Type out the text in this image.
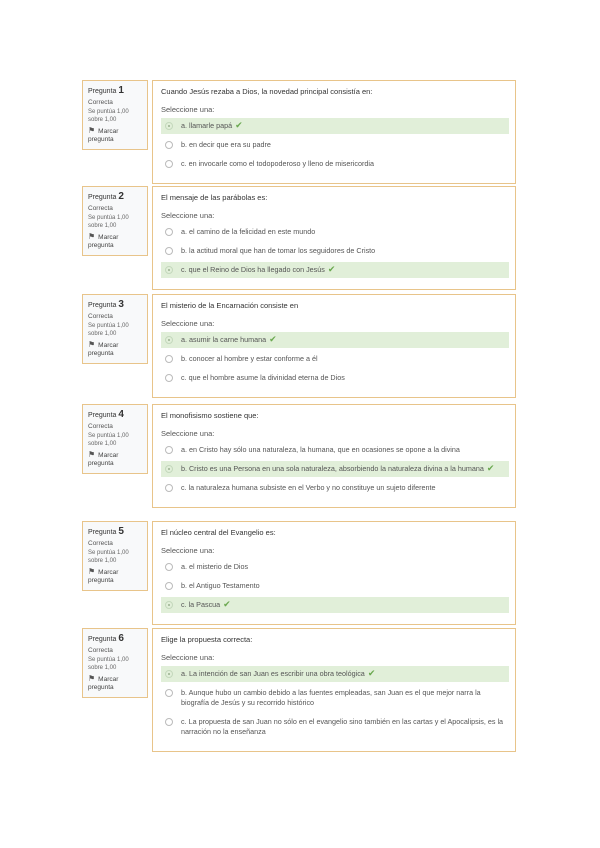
Pregunta 1
Correcta
Se puntúa 1,00
sobre 1,00
⚑ Marcar
pregunta
Cuando Jesús rezaba a Dios, la novedad principal consistía en:
Seleccione una:
a. llamarle papá ✔
b. en decir que era su padre
c. en invocarle como el todopoderoso y lleno de misericordia
Pregunta 2
Correcta
Se puntúa 1,00
sobre 1,00
⚑ Marcar
pregunta
El mensaje de las parábolas es:
Seleccione una:
a. el camino de la felicidad en este mundo
b. la actitud moral que han de tomar los seguidores de Cristo
c. que el Reino de Dios ha llegado con Jesús ✔
Pregunta 3
Correcta
Se puntúa 1,00
sobre 1,00
⚑ Marcar
pregunta
El misterio de la Encarnación consiste en
Seleccione una:
a. asumir la carne humana ✔
b. conocer al hombre y estar conforme a él
c. que el hombre asume la divinidad eterna de Dios
Pregunta 4
Correcta
Se puntúa 1,00
sobre 1,00
⚑ Marcar
pregunta
El monofisismo sostiene que:
Seleccione una:
a. en Cristo hay sólo una naturaleza, la humana, que en ocasiones se opone a la divina
b. Cristo es una Persona en una sola naturaleza, absorbiendo la naturaleza divina a la humana ✔
c. la naturaleza humana subsiste en el Verbo y no constituye un sujeto diferente
Pregunta 5
Correcta
Se puntúa 1,00
sobre 1,00
⚑ Marcar
pregunta
El núcleo central del Evangelio es:
Seleccione una:
a. el misterio de Dios
b. el Antiguo Testamento
c. la Pascua ✔
Pregunta 6
Correcta
Se puntúa 1,00
sobre 1,00
⚑ Marcar
pregunta
Elige la propuesta correcta:
Seleccione una:
a. La intención de san Juan es escribir una obra teológica ✔
b. Aunque hubo un cambio debido a las fuentes empleadas, san Juan es el que mejor narra la biografía de Jesús y su recorrido histórico
c. La propuesta de san Juan no sólo en el evangelio sino también en las cartas y el Apocalipsis, es la narración no la enseñanza
